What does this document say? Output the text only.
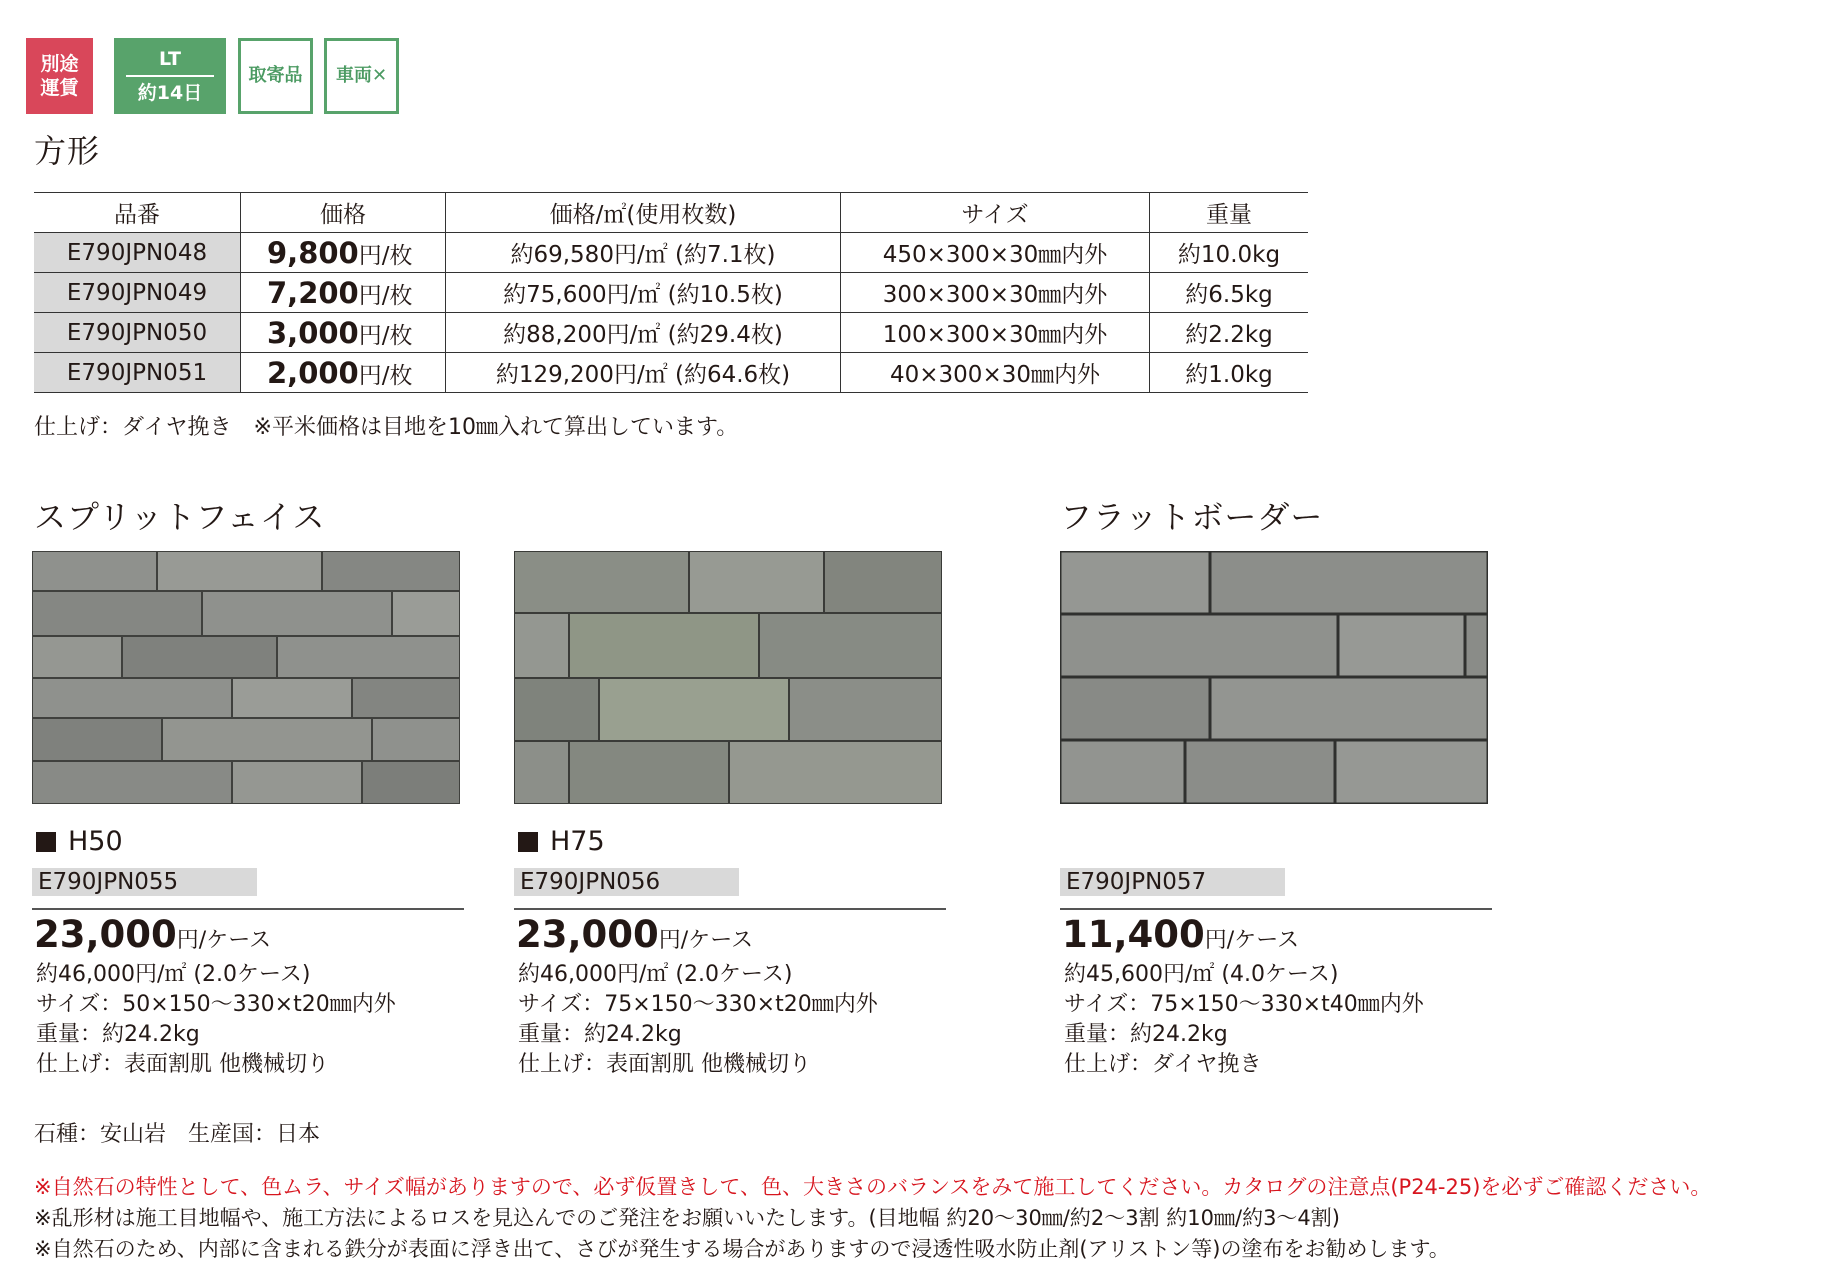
別途
運賃
LT
約14日
取寄品 車両✕
方形
品番	価格	価格/㎡(使用枚数)	サイズ	重量
E790JPN048	9,800円/枚	約69,580円/㎡ (約7.1枚)	450×300×30㎜内外	約10.0kg
E790JPN049	7,200円/枚	約75,600円/㎡ (約10.5枚)	300×300×30㎜内外	約6.5kg
E790JPN050	3,000円/枚	約88,200円/㎡ (約29.4枚)	100×300×30㎜内外	約2.2kg
E790JPN051	2,000円/枚	約129,200円/㎡ (約64.6枚)	40×300×30㎜内外	約1.0kg
仕上げ：ダイヤ挽き　※平米価格は目地を10㎜入れて算出しています。
スプリットフェイス	フラットボーダー
H50
E790JPN055
23,000円/ケース
約46,000円/㎡ (2.0ケース)
サイズ：50×150～330×t20㎜内外
重量：約24.2kg
仕上げ：表面割肌 他機械切り
H75
E790JPN056
23,000円/ケース
約46,000円/㎡ (2.0ケース)
サイズ：75×150～330×t20㎜内外
重量：約24.2kg
仕上げ：表面割肌 他機械切り
E790JPN057
11,400円/ケース
約45,600円/㎡ (4.0ケース)
サイズ：75×150～330×t40㎜内外
重量：約24.2kg
仕上げ：ダイヤ挽き
石種：安山岩　生産国：日本
※自然石の特性として、色ムラ、サイズ幅がありますので、必ず仮置きして、色、大きさのバランスをみて施工してください。カタログの注意点(P24-25)を必ずご確認ください。
※乱形材は施工目地幅や、施工方法によるロスを見込んでのご発注をお願いいたします。(目地幅 約20～30㎜/約2～3割 約10㎜/約3～4割)
※自然石のため、内部に含まれる鉄分が表面に浮き出て、さびが発生する場合がありますので浸透性吸水防止剤(アリストン等)の塗布をお勧めします。
